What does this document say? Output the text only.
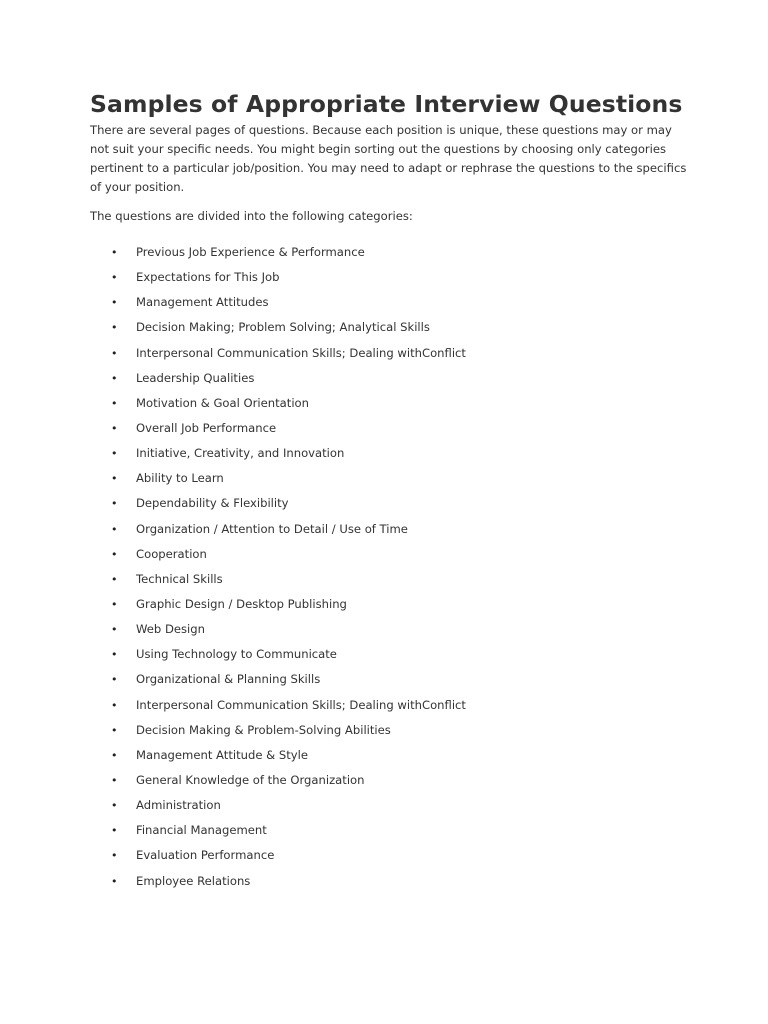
Samples of Appropriate Interview Questions

There are several pages of questions. Because each position is unique, these questions may or may
not suit your specific needs. You might begin sorting out the questions by choosing only categories
pertinent to a particular job/position. You may need to adapt or rephrase the questions to the specifics
of your position.

The questions are divided into the following categories:

• Previous Job Experience & Performance
• Expectations for This Job
• Management Attitudes
• Decision Making; Problem Solving; Analytical Skills
• Interpersonal Communication Skills; Dealing withConflict
• Leadership Qualities
• Motivation & Goal Orientation
• Overall Job Performance
• Initiative, Creativity, and Innovation
• Ability to Learn
• Dependability & Flexibility
• Organization / Attention to Detail / Use of Time
• Cooperation
• Technical Skills
• Graphic Design / Desktop Publishing
• Web Design
• Using Technology to Communicate
• Organizational & Planning Skills
• Interpersonal Communication Skills; Dealing withConflict
• Decision Making & Problem-Solving Abilities
• Management Attitude & Style
• General Knowledge of the Organization
• Administration
• Financial Management
• Evaluation Performance
• Employee Relations
